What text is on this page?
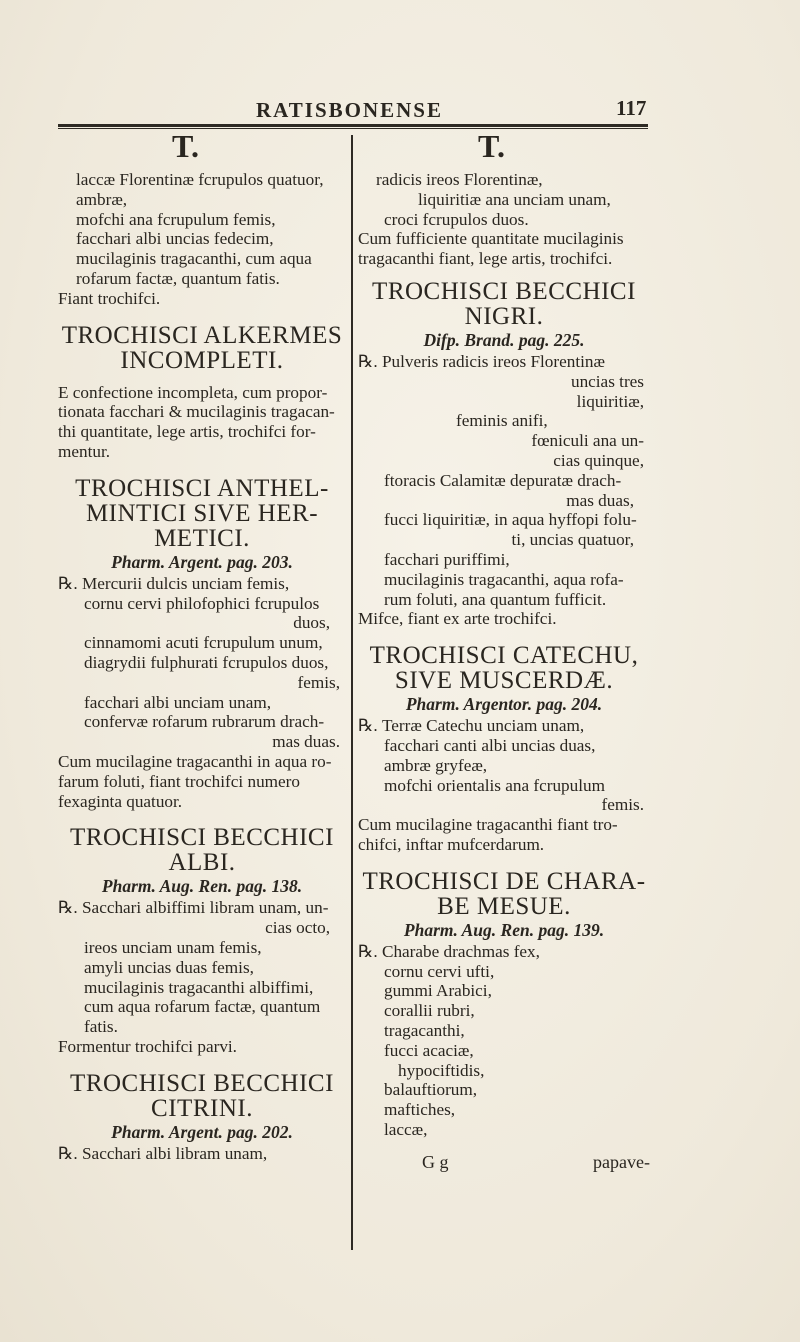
RATISBONENSE	117
T.	T.
laccæ Florentinæ fcrupulos quatuor,
ambræ,
mofchi ana fcrupulum femis,
facchari albi uncias fedecim,
mucilaginis tragacanthi, cum aqua
rofarum factæ, quantum fatis.
Fiant trochifci.
TROCHISCI ALKERMES
INCOMPLETI.
E confectione incompleta, cum propor-
tionata facchari & mucilaginis tragacan-
thi quantitate, lege artis, trochifci for-
mentur.
TROCHISCI ANTHEL-
MINTICI SIVE HER-
METICI.
Pharm. Argent. pag. 203.
℞. Mercurii dulcis unciam femis,
cornu cervi philofophici fcrupulos
duos,
cinnamomi acuti fcrupulum unum,
diagrydii fulphurati fcrupulos duos,
femis,
facchari albi unciam unam,
confervæ rofarum rubrarum drach-
mas duas.
Cum mucilagine tragacanthi in aqua ro-
farum foluti, fiant trochifci numero
fexaginta quatuor.
TROCHISCI BECCHICI
ALBI.
Pharm. Aug. Ren. pag. 138.
℞. Sacchari albiffimi libram unam, un-
cias octo,
ireos unciam unam femis,
amyli uncias duas femis,
mucilaginis tragacanthi albiffimi,
cum aqua rofarum factæ, quantum
fatis.
Formentur trochifci parvi.
TROCHISCI BECCHICI
CITRINI.
Pharm. Argent. pag. 202.
℞. Sacchari albi libram unam,
radicis ireos Florentinæ,
liquiritiæ ana unciam unam,
croci fcrupulos duos.
Cum fufficiente quantitate mucilaginis
tragacanthi fiant, lege artis, trochifci.
TROCHISCI BECCHICI
NIGRI.
Difp. Brand. pag. 225.
℞. Pulveris radicis ireos Florentinæ
uncias tres
liquiritiæ,
feminis anifi,
fœniculi ana un-
cias quinque,
ftoracis Calamitæ depuratæ drach-
mas duas,
fucci liquiritiæ, in aqua hyffopi folu-
ti, uncias quatuor,
facchari puriffimi,
mucilaginis tragacanthi, aqua rofa-
rum foluti, ana quantum fufficit.
Mifce, fiant ex arte trochifci.
TROCHISCI CATECHU,
SIVE MUSCERDÆ.
Pharm. Argentor. pag. 204.
℞. Terræ Catechu unciam unam,
facchari canti albi uncias duas,
ambræ gryfeæ,
mofchi orientalis ana fcrupulum
femis.
Cum mucilagine tragacanthi fiant tro-
chifci, inftar mufcerdarum.
TROCHISCI DE CHARA-
BE MESUE.
Pharm. Aug. Ren. pag. 139.
℞. Charabe drachmas fex,
cornu cervi ufti,
gummi Arabici,
corallii rubri,
tragacanthi,
fucci acaciæ,
hypociftidis,
balauftiorum,
maftiches,
laccæ,
G g	papave-
